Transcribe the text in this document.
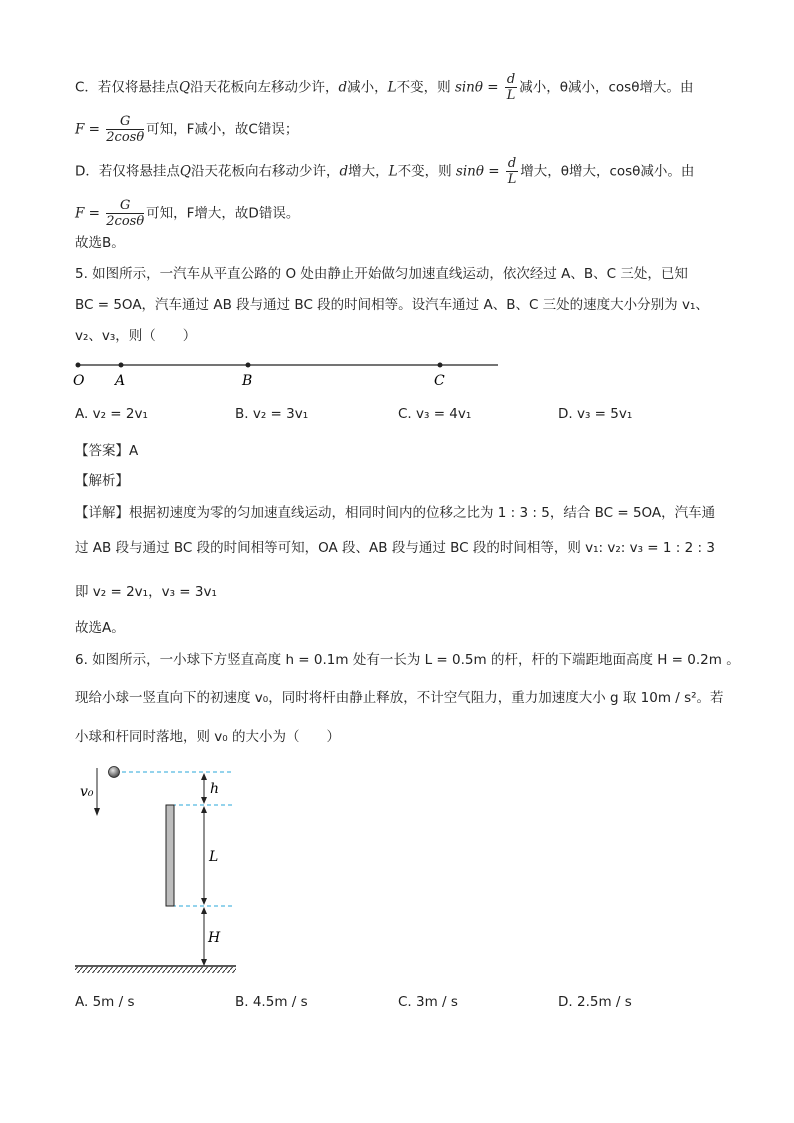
C．若仅将悬挂点Q沿天花板向左移动少许，d减小，L不变，则 $\sin\theta = \frac{d}{L}$ 减小，θ减小，cosθ增大。由
$F = \frac{G}{2\cos\theta}$ 可知，F减小，故C错误；
D．若仅将悬挂点Q沿天花板向右移动少许，d增大，L不变，则 $\sin\theta = \frac{d}{L}$ 增大，θ增大，cosθ减小。由
$F = \frac{G}{2\cos\theta}$ 可知，F增大，故D错误。
故选B。
5. 如图所示，一汽车从平直公路的 O 处由静止开始做匀加速直线运动，依次经过 A、B、C 三处，已知
BC = 5OA，汽车通过 AB 段与通过 BC 段的时间相等。设汽车通过 A、B、C 三处的速度大小分别为 v₁、
v₂、v₃，则（　　）
O A	B	C
A. v₂ = 2v₁	B. v₂ = 3v₁	C. v₃ = 4v₁	D. v₃ = 5v₁
【答案】A
【解析】
【详解】根据初速度为零的匀加速直线运动，相同时间内的位移之比为 1 : 3 : 5，结合 BC = 5OA，汽车通
过 AB 段与通过 BC 段的时间相等可知，OA 段、AB 段与通过 BC 段的时间相等，则 v₁: v₂: v₃ = 1 : 2 : 3
即 v₂ = 2v₁，v₃ = 3v₁
故选A。
6. 如图所示，一小球下方竖直高度 h = 0.1m 处有一长为 L = 0.5m 的杆，杆的下端距地面高度 H = 0.2m 。
现给小球一竖直向下的初速度 v₀，同时将杆由静止释放，不计空气阻力，重力加速度大小 g 取 10m / s²。若
小球和杆同时落地，则 v₀ 的大小为（　　）
v₀	h
L
H
A. 5m / s	B. 4.5m / s	C. 3m / s	D. 2.5m / s
